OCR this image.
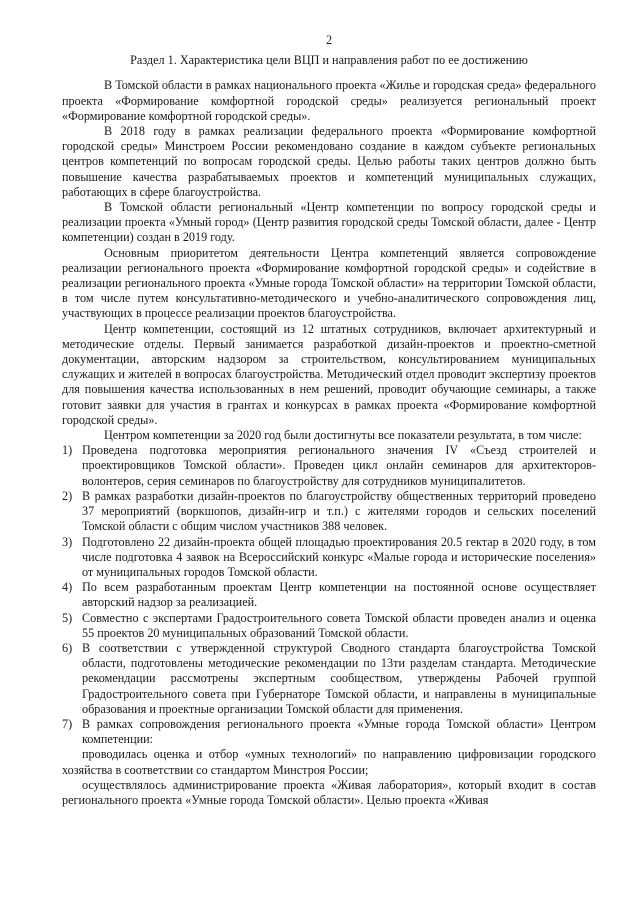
2
Раздел 1. Характеристика цели ВЦП и направления работ по ее достижению

В Томской области в рамках национального проекта «Жилье и городская среда» федерального проекта «Формирование комфортной городской среды» реализуется региональный проект «Формирование комфортной городской среды».

В 2018 году в рамках реализации федерального проекта «Формирование комфортной городской среды» Минстроем России рекомендовано создание в каждом субъекте региональных центров компетенций по вопросам городской среды. Целью работы таких центров должно быть повышение качества разрабатываемых проектов и компетенций муниципальных служащих, работающих в сфере благоустройства.

В Томской области региональный «Центр компетенции по вопросу городской среды и реализации проекта «Умный город» (Центр развития городской среды Томской области, далее - Центр компетенции) создан в 2019 году.

Основным приоритетом деятельности Центра компетенций является сопровождение реализации регионального проекта «Формирование комфортной городской среды» и содействие в реализации регионального проекта «Умные города Томской области» на территории Томской области, в том числе путем консультативно-методического и учебно-аналитического сопровождения лиц, участвующих в процессе реализации проектов благоустройства.

Центр компетенции, состоящий из 12 штатных сотрудников, включает архитектурный и методические отделы. Первый занимается разработкой дизайн-проектов и проектно-сметной документации, авторским надзором за строительством, консультированием муниципальных служащих и жителей в вопросах благоустройства. Методический отдел проводит экспертизу проектов для повышения качества использованных в нем решений, проводит обучающие семинары, а также готовит заявки для участия в грантах и конкурсах в рамках проекта «Формирование комфортной городской среды».

Центром компетенции за 2020 год были достигнуты все показатели результата, в том числе:

1) Проведена подготовка мероприятия регионального значения IV «Съезд строителей и проектировщиков Томской области». Проведен цикл онлайн семинаров для архитекторов-волонтеров, серия семинаров по благоустройству для сотрудников муниципалитетов.
2) В рамках разработки дизайн-проектов по благоустройству общественных территорий проведено 37 мероприятий (воркшопов, дизайн-игр и т.п.) с жителями городов и сельских поселений Томской области с общим числом участников 388 человек.
3) Подготовлено 22 дизайн-проекта общей площадью проектирования 20.5 гектар в 2020 году, в том числе подготовка 4 заявок на Всероссийский конкурс «Малые города и исторические поселения» от муниципальных городов Томской области.
4) По всем разработанным проектам Центр компетенции на постоянной основе осуществляет авторский надзор за реализацией.
5) Совместно с экспертами Градостроительного совета Томской области проведен анализ и оценка 55 проектов 20 муниципальных образований Томской области.
6) В соответствии с утвержденной структурой Сводного стандарта благоустройства Томской области, подготовлены методические рекомендации по 13ти разделам стандарта. Методические рекомендации рассмотрены экспертным сообществом, утверждены Рабочей группой Градостроительного совета при Губернаторе Томской области, и направлены в муниципальные образования и проектные организации Томской области для применения.
7) В рамках сопровождения регионального проекта «Умные города Томской области» Центром компетенции:

проводилась оценка и отбор «умных технологий» по направлению цифровизации городского хозяйства в соответствии со стандартом Минстроя России;

осуществлялось администрирование проекта «Живая лаборатория», который входит в состав регионального проекта «Умные города Томской области». Целью проекта «Живая
